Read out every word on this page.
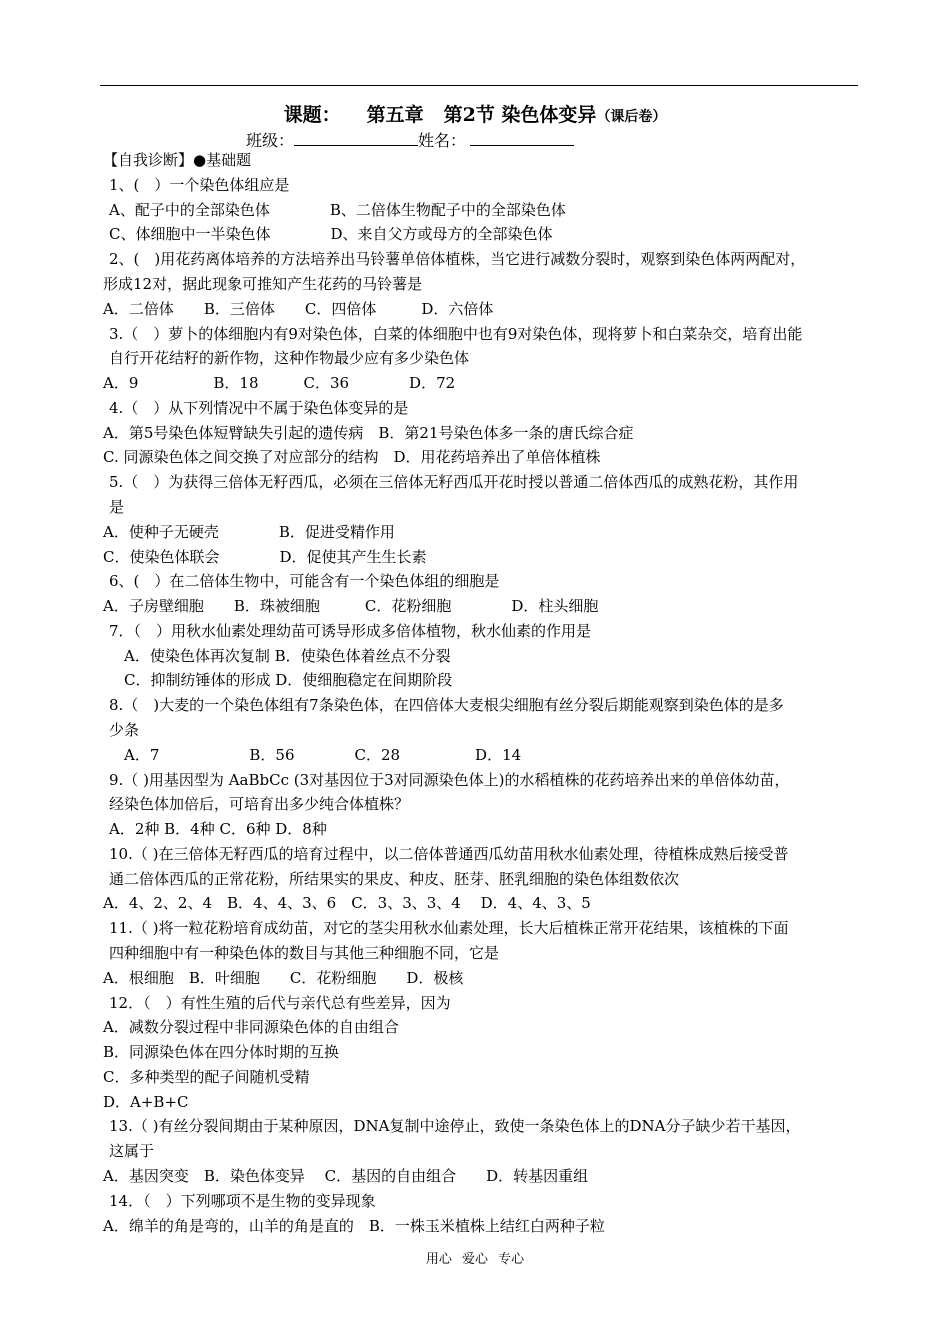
课题： 第五章 第2节 染色体变异（课后卷）
班级：	姓名：
【自我诊断】●基础题
1、(　）一个染色体组应是
A、配子中的全部染色体　　　　B、二倍体生物配子中的全部染色体
C、体细胞中一半染色体　　　　D、来自父方或母方的全部染色体
2、(　)用花药离体培养的方法培养出马铃薯单倍体植株，当它进行减数分裂时，观察到染色体两两配对，
形成12对，据此现象可推知产生花药的马铃薯是
A．二倍体　　B．三倍体　　C．四倍体　　　D．六倍体
3.（　）萝卜的体细胞内有9对染色体，白菜的体细胞中也有9对染色体，现将萝卜和白菜杂交，培育出能
自行开花结籽的新作物，这种作物最少应有多少染色体
A．9　　　　　B．18　　　C．36　　　　D．72
4.（　）从下列情况中不属于染色体变异的是
A．第5号染色体短臂缺失引起的遗传病　B．第21号染色体多一条的唐氏综合症
C. 同源染色体之间交换了对应部分的结构　D．用花药培养出了单倍体植株
5.（　）为获得三倍体无籽西瓜，必须在三倍体无籽西瓜开花时授以普通二倍体西瓜的成熟花粉，其作用
是
A．使种子无硬壳　　　　B．促进受精作用
C．使染色体联会　　　　D．促使其产生生长素
6、(　）在二倍体生物中，可能含有一个染色体组的细胞是
A．子房壁细胞　　B．珠被细胞　　　C．花粉细胞　　　　D．柱头细胞
7．（　）用秋水仙素处理幼苗可诱导形成多倍体植物，秋水仙素的作用是
A．使染色体再次复制 B．使染色体着丝点不分裂
C．抑制纺锤体的形成 D．使细胞稳定在间期阶段
8.（　)大麦的一个染色体组有7条染色体，在四倍体大麦根尖细胞有丝分裂后期能观察到染色体的是多
少条
A．7　　　　　　B．56　　　　C．28　　　　　D．14
9.（ )用基因型为 AaBbCc (3对基因位于3对同源染色体上)的水稻植株的花药培养出来的单倍体幼苗，
经染色体加倍后，可培育出多少纯合体植株？
A．2种 B．4种 C．6种 D．8种
10.（ )在三倍体无籽西瓜的培育过程中，以二倍体普通西瓜幼苗用秋水仙素处理，待植株成熟后接受普
通二倍体西瓜的正常花粉，所结果实的果皮、种皮、胚芽、胚乳细胞的染色体组数依次
A．4、2、2、4　B．4、4、3、6　C．3、3、3、4　 D．4、4、3、5
11.（ )将一粒花粉培育成幼苗，对它的茎尖用秋水仙素处理，长大后植株正常开花结果，该植株的下面
四种细胞中有一种染色体的数目与其他三种细胞不同，它是
A．根细胞　B．叶细胞　　C．花粉细胞　　D．极核
12．（　）有性生殖的后代与亲代总有些差异，因为
A．减数分裂过程中非同源染色体的自由组合
B．同源染色体在四分体时期的互换
C．多种类型的配子间随机受精
D．A+B+C
13.（ )有丝分裂间期由于某种原因，DNA复制中途停止，致使一条染色体上的DNA分子缺少若干基因，
这属于
A．基因突变　B．染色体变异　 C．基因的自由组合　　D．转基因重组
14．（　）下列哪项不是生物的变异现象
A．绵羊的角是弯的，山羊的角是直的　B．一株玉米植株上结红白两种子粒
用心 爱心 专心
